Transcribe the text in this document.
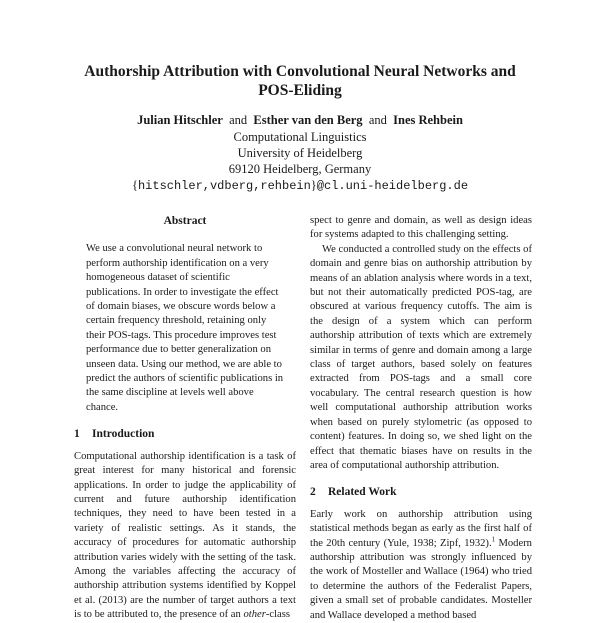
Authorship Attribution with Convolutional Neural Networks and
POS-Eliding
Julian Hitschler and Esther van den Berg and Ines Rehbein
Computational Linguistics
University of Heidelberg
69120 Heidelberg, Germany
{hitschler,vdberg,rehbein}@cl.uni-heidelberg.de
Abstract

We use a convolutional neural network to perform authorship identification on a very homogeneous dataset of scientific publications. In order to investigate the effect of domain biases, we obscure words below a certain frequency threshold, retaining only their POS-tags. This procedure improves test performance due to better generalization on unseen data. Using our method, we are able to predict the authors of scientific publications in the same discipline at levels well above chance.

1 Introduction

Computational authorship identification is a task of great interest for many historical and forensic applications. In order to judge the applicability of current and future authorship identification techniques, they need to have been tested in a variety of realistic settings. As it stands, the accuracy of procedures for automatic authorship attribution varies widely with the setting of the task. Among the variables affecting the accuracy of authorship attribution systems identified by Koppel et al. (2013) are the number of target authors a text is to be attributed to, the presence of an other-class

spect to genre and domain, as well as design ideas for systems adapted to this challenging setting.

We conducted a controlled study on the effects of domain and genre bias on authorship attribution by means of an ablation analysis where words in a text, but not their automatically predicted POS-tag, are obscured at various frequency cutoffs. The aim is the design of a system which can perform authorship attribution of texts which are extremely similar in terms of genre and domain among a large class of target authors, based solely on features extracted from POS-tags and a small core vocabulary. The central research question is how well computational authorship attribution works when based on purely stylometric (as opposed to content) features. In doing so, we shed light on the effect that thematic biases have on results in the area of computational authorship attribution.

2 Related Work

Early work on authorship attribution using statistical methods began as early as the first half of the 20th century (Yule, 1938; Zipf, 1932).$^1$ Modern authorship attribution was strongly influenced by the work of Mosteller and Wallace (1964) who tried to determine the authors of the Federalist Papers, given a small set of probable candidates. Mosteller and Wallace developed a method based
